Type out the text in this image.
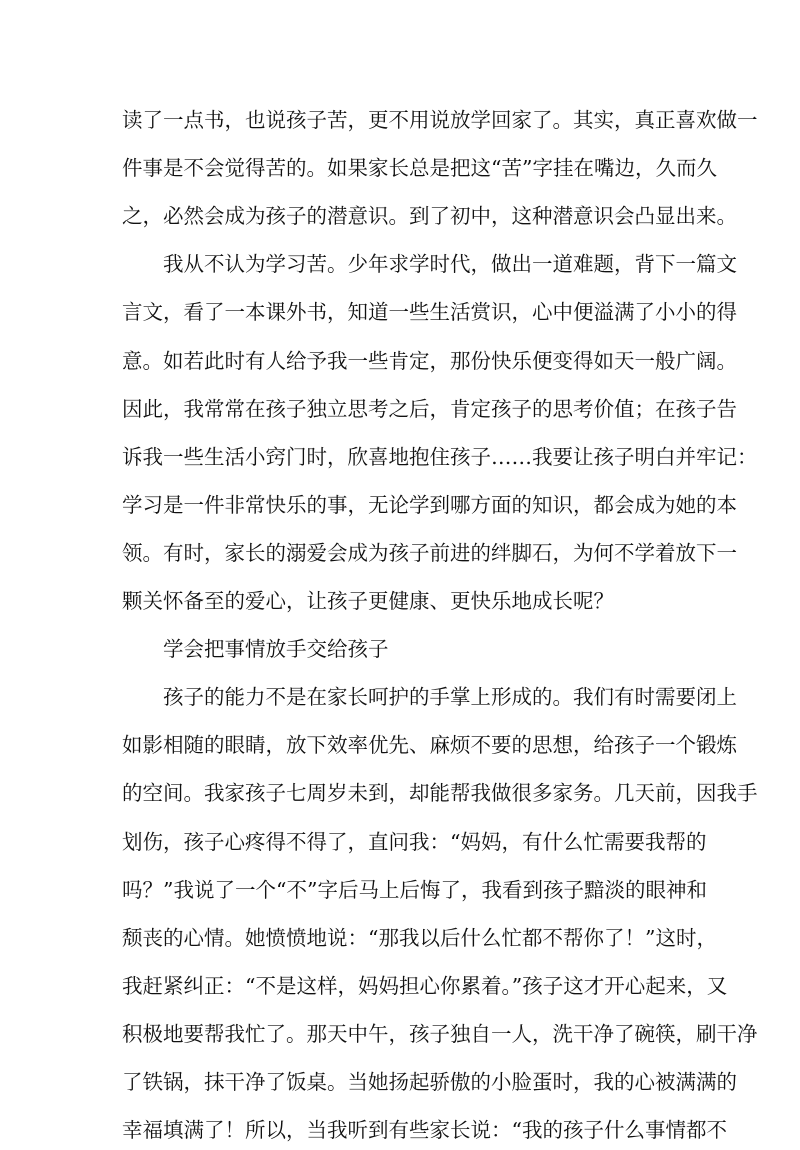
读了一点书，也说孩子苦，更不用说放学回家了。其实，真正喜欢做一
件事是不会觉得苦的。如果家长总是把这“苦”字挂在嘴边，久而久
之，必然会成为孩子的潜意识。到了初中，这种潜意识会凸显出来。
我从不认为学习苦。少年求学时代，做出一道难题，背下一篇文
言文，看了一本课外书，知道一些生活赏识，心中便溢满了小小的得
意。如若此时有人给予我一些肯定，那份快乐便变得如天一般广阔。
因此，我常常在孩子独立思考之后，肯定孩子的思考价值；在孩子告
诉我一些生活小窍门时，欣喜地抱住孩子……我要让孩子明白并牢记：
学习是一件非常快乐的事，无论学到哪方面的知识，都会成为她的本
领。有时，家长的溺爱会成为孩子前进的绊脚石，为何不学着放下一
颗关怀备至的爱心，让孩子更健康、更快乐地成长呢？
学会把事情放手交给孩子
孩子的能力不是在家长呵护的手掌上形成的。我们有时需要闭上
如影相随的眼睛，放下效率优先、麻烦不要的思想，给孩子一个锻炼
的空间。我家孩子七周岁未到，却能帮我做很多家务。几天前，因我手
划伤，孩子心疼得不得了，直问我：“妈妈，有什么忙需要我帮的
吗？”我说了一个“不”字后马上后悔了，我看到孩子黯淡的眼神和
颓丧的心情。她愤愤地说：“那我以后什么忙都不帮你了！”这时，
我赶紧纠正：“不是这样，妈妈担心你累着。”孩子这才开心起来，又
积极地要帮我忙了。那天中午，孩子独自一人，洗干净了碗筷，刷干净
了铁锅，抹干净了饭桌。当她扬起骄傲的小脸蛋时，我的心被满满的
幸福填满了！所以，当我听到有些家长说：“我的孩子什么事情都不
